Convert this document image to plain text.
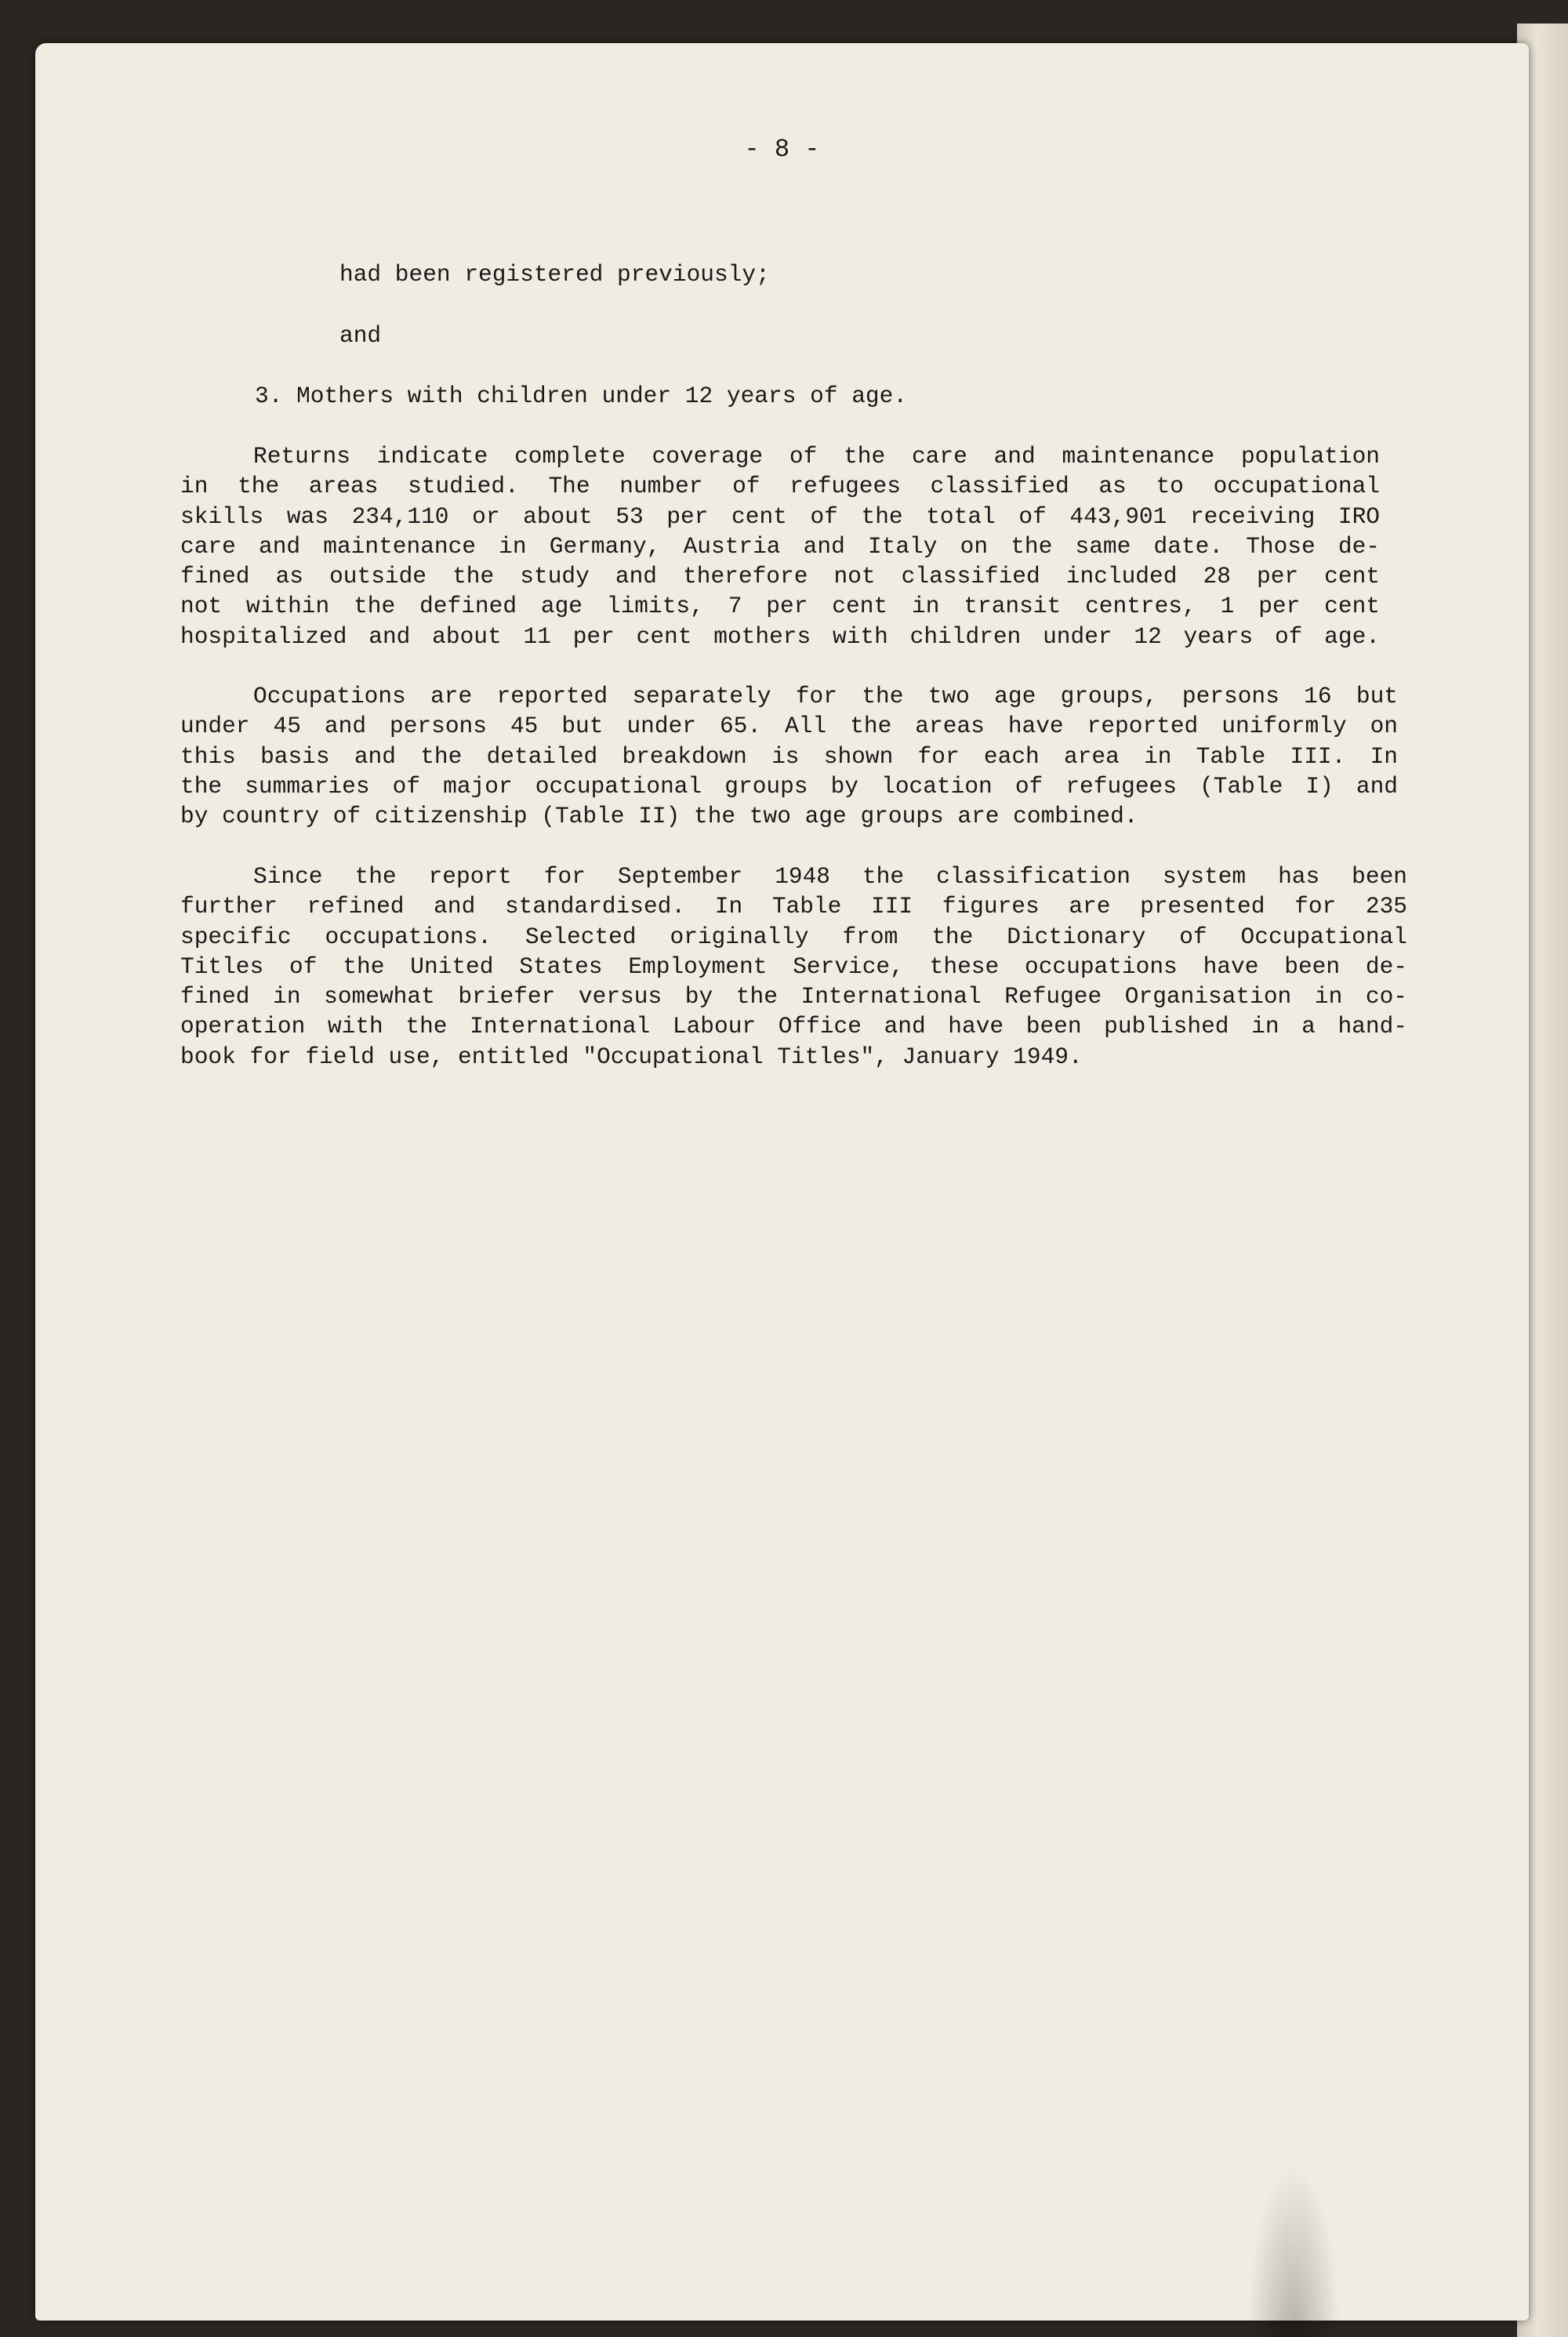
- 8 -
had been registered previously;
and
3. Mothers with children under 12 years of age.
Returns indicate complete coverage of the care and maintenance population
in the areas studied. The number of refugees classified as to occupational
skills was 234,110 or about 53 per cent of the total of 443,901 receiving IRO
care and maintenance in Germany, Austria and Italy on the same date. Those de-
fined as outside the study and therefore not classified included 28 per cent
not within the defined age limits, 7 per cent in transit centres, 1 per cent
hospitalized and about 11 per cent mothers with children under 12 years of age.
Occupations are reported separately for the two age groups, persons 16 but
under 45 and persons 45 but under 65. All the areas have reported uniformly on
this basis and the detailed breakdown is shown for each area in Table III. In
the summaries of major occupational groups by location of refugees (Table I) and
by country of citizenship (Table II) the two age groups are combined.
Since the report for September 1948 the classification system has been
further refined and standardised. In Table III figures are presented for 235
specific occupations. Selected originally from the Dictionary of Occupational
Titles of the United States Employment Service, these occupations have been de-
fined in somewhat briefer versus by the International Refugee Organisation in co-
operation with the International Labour Office and have been published in a hand-
book for field use, entitled "Occupational Titles", January 1949.
